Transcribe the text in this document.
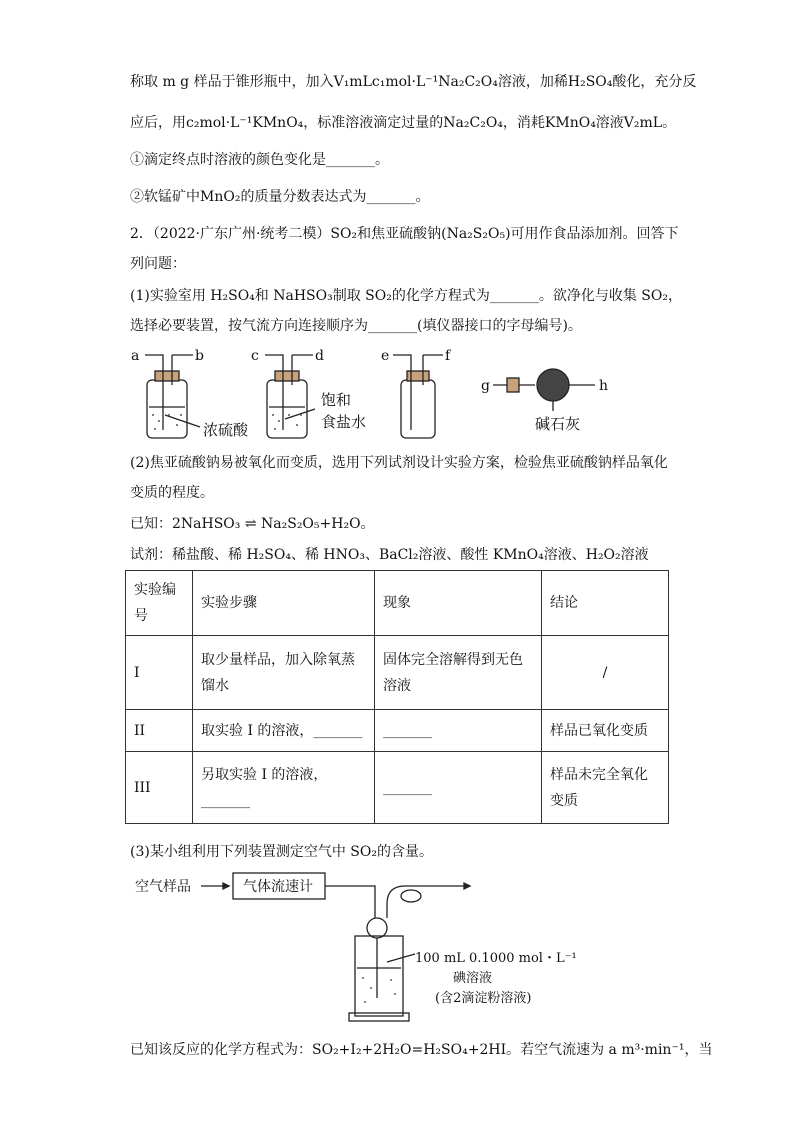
称取 m g 样品于锥形瓶中，加入V₁mLc₁mol·L⁻¹Na₂C₂O₄溶液，加稀H₂SO₄酸化，充分反
应后，用c₂mol·L⁻¹KMnO₄，标准溶液滴定过量的Na₂C₂O₄，消耗KMnO₄溶液V₂mL。
①滴定终点时溶液的颜色变化是_______。
②软锰矿中MnO₂的质量分数表达式为_______。
2．（2022·广东广州·统考二模）SO₂和焦亚硫酸钠(Na₂S₂O₅)可用作食品添加剂。回答下
列问题：
(1)实验室用 H₂SO₄和 NaHSO₃制取 SO₂的化学方程式为_______。欲净化与收集 SO₂，
选择必要装置，按气流方向连接顺序为_______(填仪器接口的字母编号)。
a	b	c	d	e	f
g	h
浓硫酸
饱和
食盐水	碱石灰
(2)焦亚硫酸钠易被氧化而变质，选用下列试剂设计实验方案，检验焦亚硫酸钠样品氧化
变质的程度。
已知：2NaHSO₃ ⇌ Na₂S₂O₅+H₂O。
试剂：稀盐酸、稀 H₂SO₄、稀 HNO₃、BaCl₂溶液、酸性 KMnO₄溶液、H₂O₂溶液
实验编号	实验步骤	现象	结论
I	取少量样品，加入除氧蒸馏水	固体完全溶解得到无色溶液	/
II	取实验 I 的溶液，_______	_______	样品已氧化变质
III	另取实验 I 的溶液，_______	_______	样品未完全氧化变质
(3)某小组利用下列装置测定空气中 SO₂的含量。
空气样品	气体流速计
100 mL 0.1000 mol・L⁻¹
碘溶液
(含2滴淀粉溶液)
已知该反应的化学方程式为：SO₂+I₂+2H₂O=H₂SO₄+2HI。若空气流速为 a m³·min⁻¹，当
